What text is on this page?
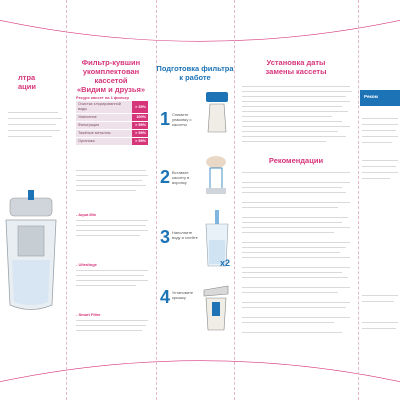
лтра
ации
Фильтр-кувшин
укомплектован кассетой
«Видим и друзья»
Ресурс кассет на 1 фильтр
Очистка хлорированной воды	> 35%
Умягчение	100%
Фильтрация	> 55%
Тяжёлые металлы	> 55%
Органика	> 55%
- Aqua Mix
- Ultralinge
- Smart Filter
Подготовка фильтра
к работе
1 Снимите упаковку с кассеты
2 Вставьте кассету в воронку
3 Наполните воду и слейте
x2
4 Установите крышку
Установка даты
замены кассеты
Рекомендации
Реком
